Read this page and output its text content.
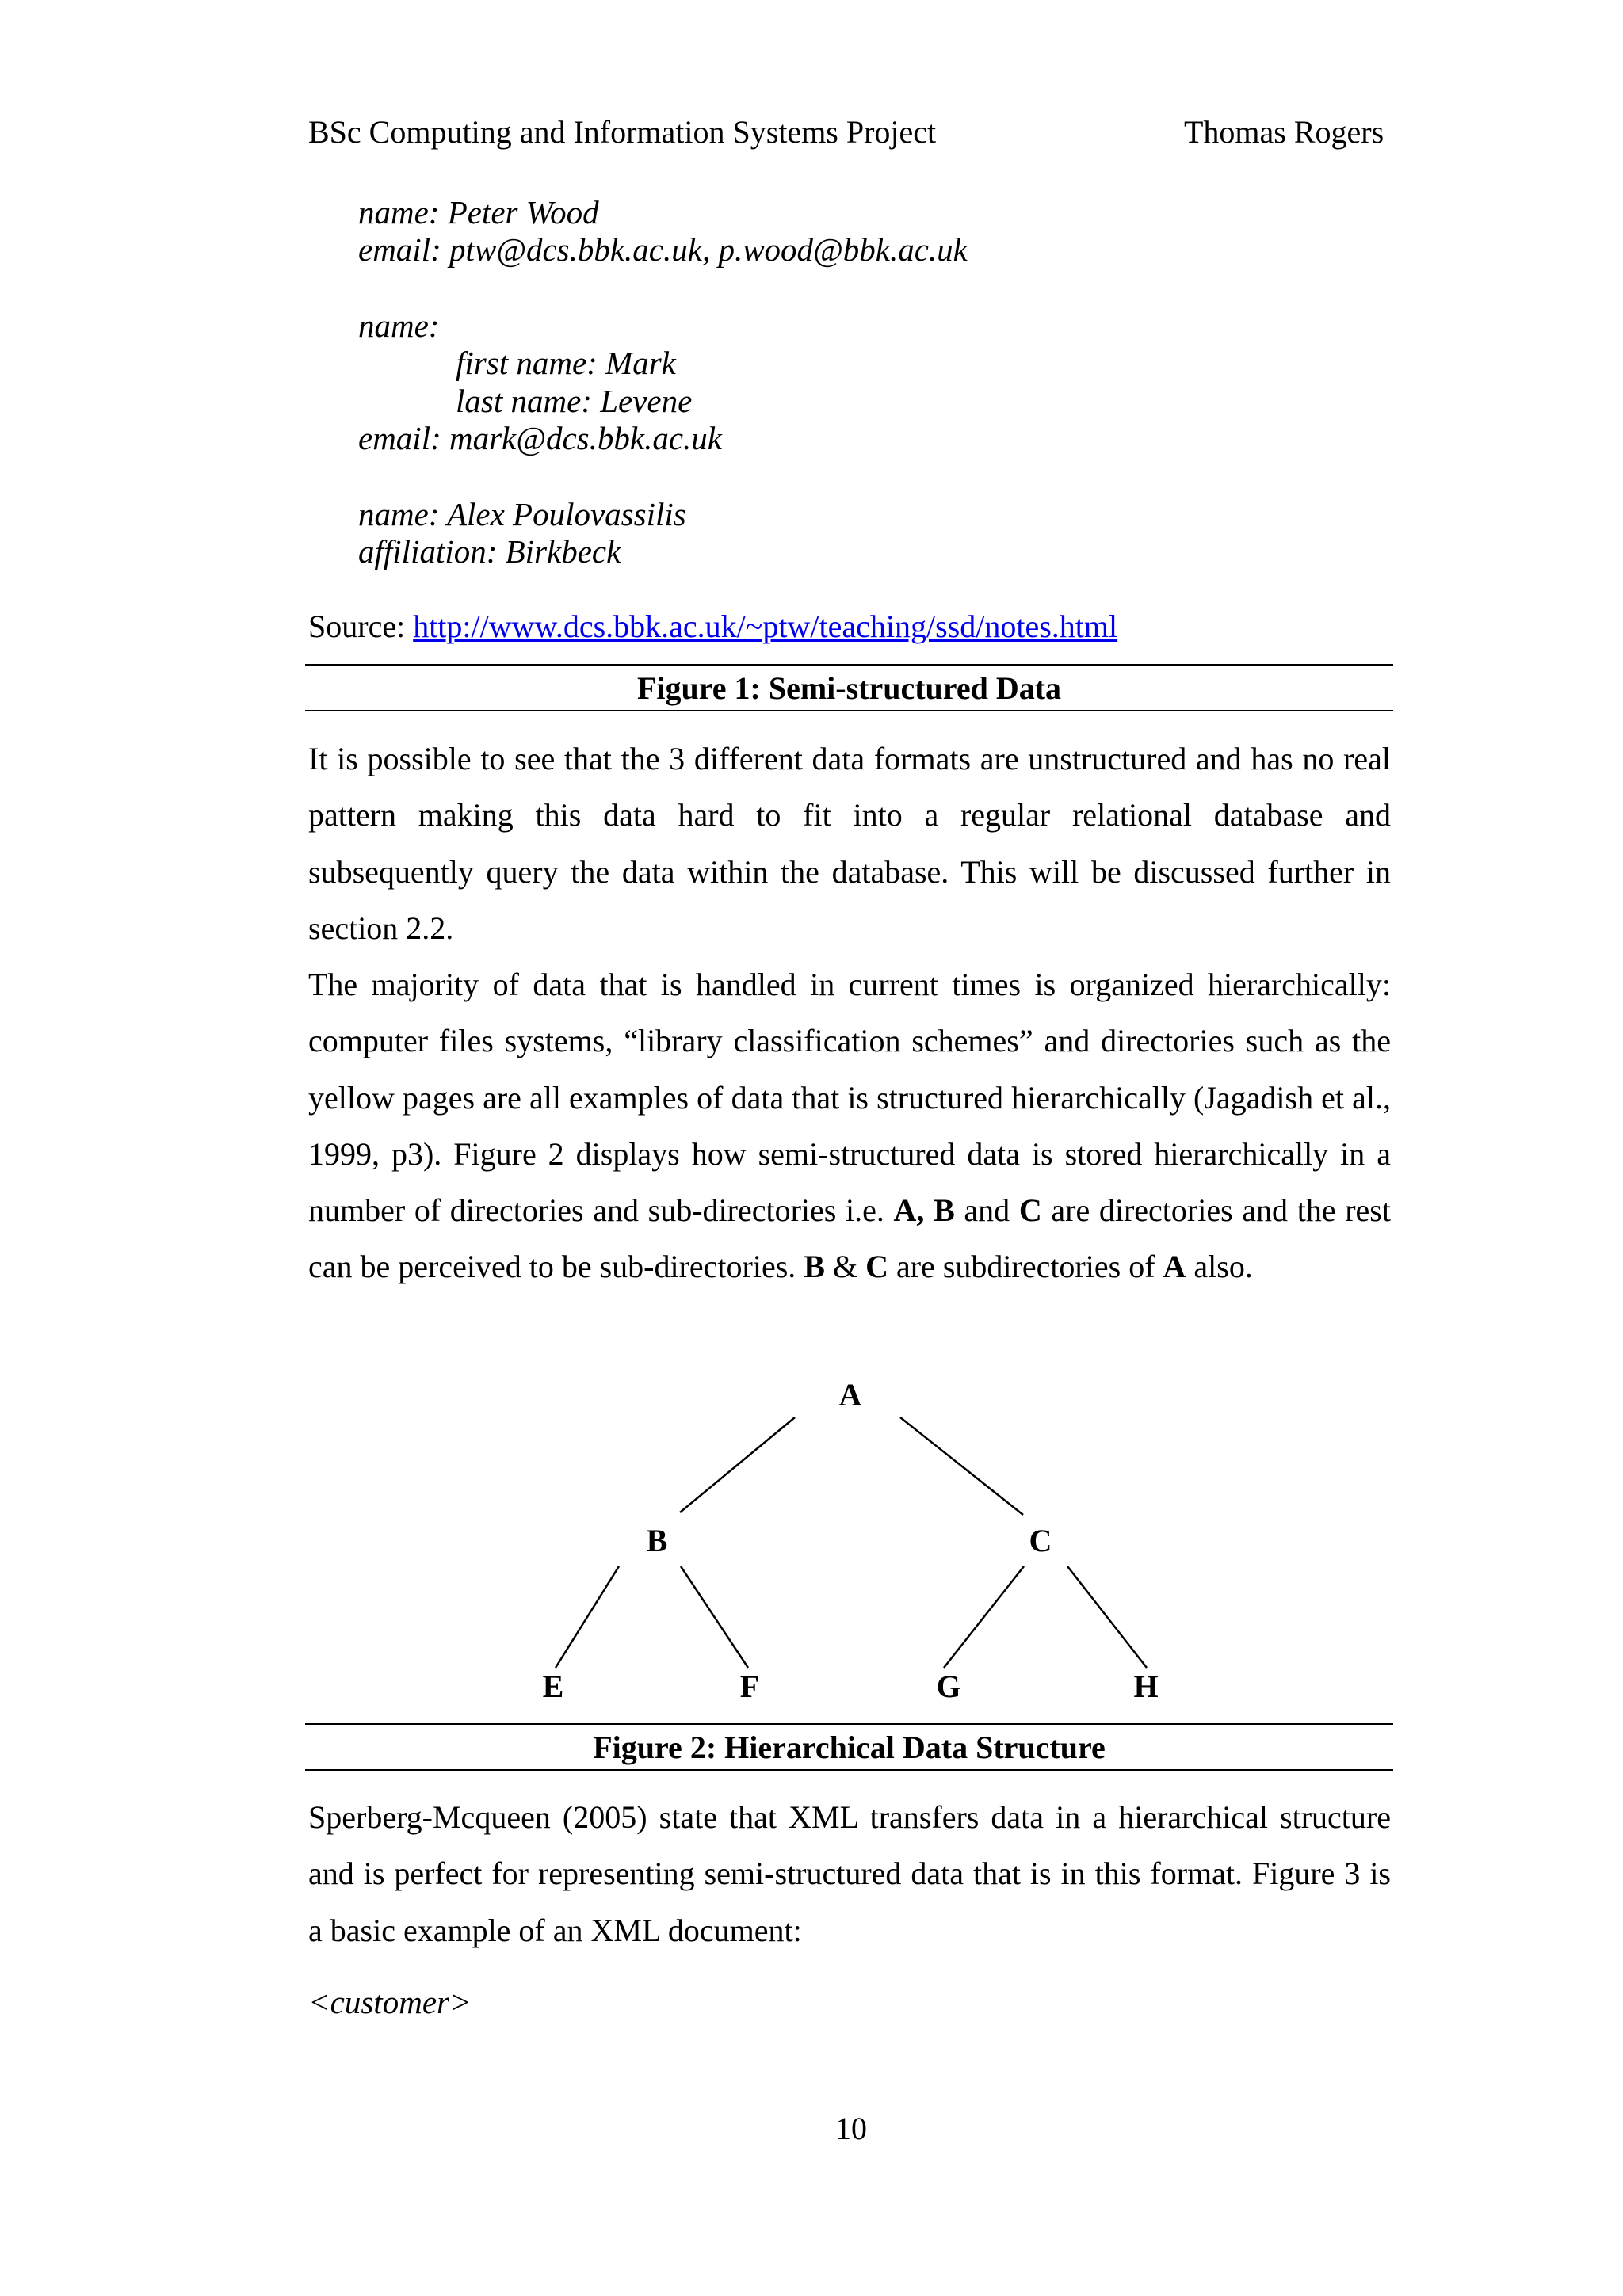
BSc Computing and Information Systems Project	Thomas Rogers
name: Peter Wood
email: ptw@dcs.bbk.ac.uk, p.wood@bbk.ac.uk
name:
first name: Mark
last name: Levene
email: mark@dcs.bbk.ac.uk
name: Alex Poulovassilis
affiliation: Birkbeck
Source: http://www.dcs.bbk.ac.uk/~ptw/teaching/ssd/notes.html
Figure 1: Semi-structured Data
It is possible to see that the 3 different data formats are unstructured and has no real pattern making this data hard to fit into a regular relational database and subsequently query the data within the database. This will be discussed further in section 2.2.
The majority of data that is handled in current times is organized hierarchically: computer files systems, “library classification schemes” and directories such as the yellow pages are all examples of data that is structured hierarchically (Jagadish et al., 1999, p3). Figure 2 displays how semi-structured data is stored hierarchically in a number of directories and sub-directories i.e. A, B and C are directories and the rest can be perceived to be sub-directories. B & C are subdirectories of A also.
A
B	C
E	F	G	H
Figure 2: Hierarchical Data Structure
Sperberg-Mcqueen (2005) state that XML transfers data in a hierarchical structure and is perfect for representing semi-structured data that is in this format. Figure 3 is a basic example of an XML document:
<customer>
10
